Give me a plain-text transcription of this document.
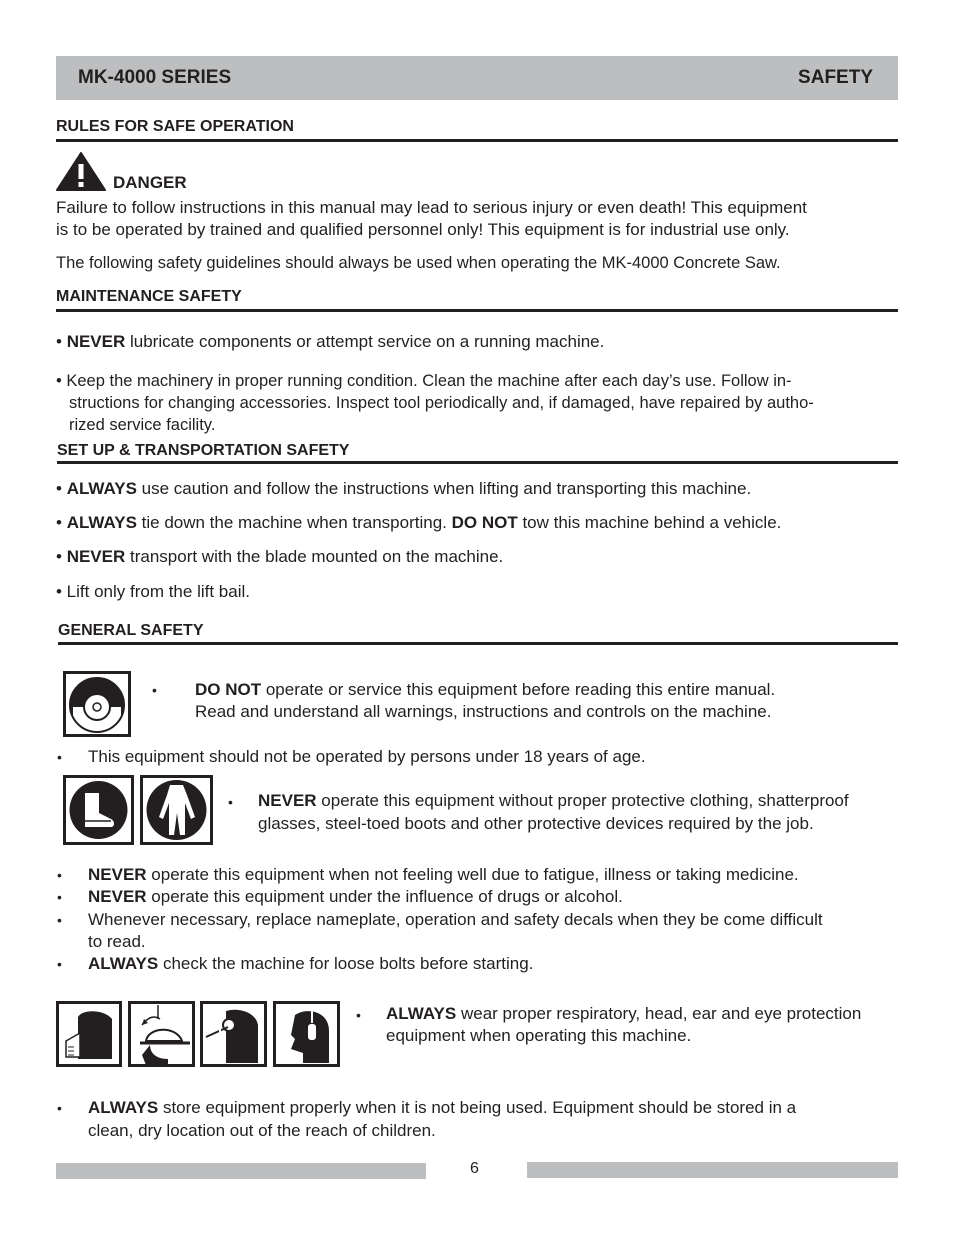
MK-4000 SERIES	SAFETY
RULES FOR SAFE OPERATION
DANGER
Failure to follow instructions in this manual may lead to serious injury or even death! This equipment
is to be operated by trained and qualified personnel only! This equipment is for industrial use only.
The following safety guidelines should always be used when operating the MK-4000 Concrete Saw.
MAINTENANCE SAFETY
• NEVER lubricate components or attempt service on a running machine.
• Keep the machinery in proper running condition. Clean the machine after each day’s use. Follow in-
structions for changing accessories. Inspect tool periodically and, if damaged, have repaired by autho-
rized service facility.
SET UP & TRANSPORTATION SAFETY
• ALWAYS use caution and follow the instructions when lifting and transporting this machine.
• ALWAYS tie down the machine when transporting. DO NOT tow this machine behind a vehicle.
• NEVER transport with the blade mounted on the machine.
• Lift only from the lift bail.
GENERAL SAFETY
• DO NOT operate or service this equipment before reading this entire manual.
Read and understand all warnings, instructions and controls on the machine.
• This equipment should not be operated by persons under 18 years of age.
• NEVER operate this equipment without proper protective clothing, shatterproof
glasses, steel-toed boots and other protective devices required by the job.
• NEVER operate this equipment when not feeling well due to fatigue, illness or taking medicine.
• NEVER operate this equipment under the influence of drugs or alcohol.
• Whenever necessary, replace nameplate, operation and safety decals when they be come difficult
to read.
• ALWAYS check the machine for loose bolts before starting.
• ALWAYS wear proper respiratory, head, ear and eye protection
equipment when operating this machine.
• ALWAYS store equipment properly when it is not being used. Equipment should be stored in a
clean, dry location out of the reach of children.
6
